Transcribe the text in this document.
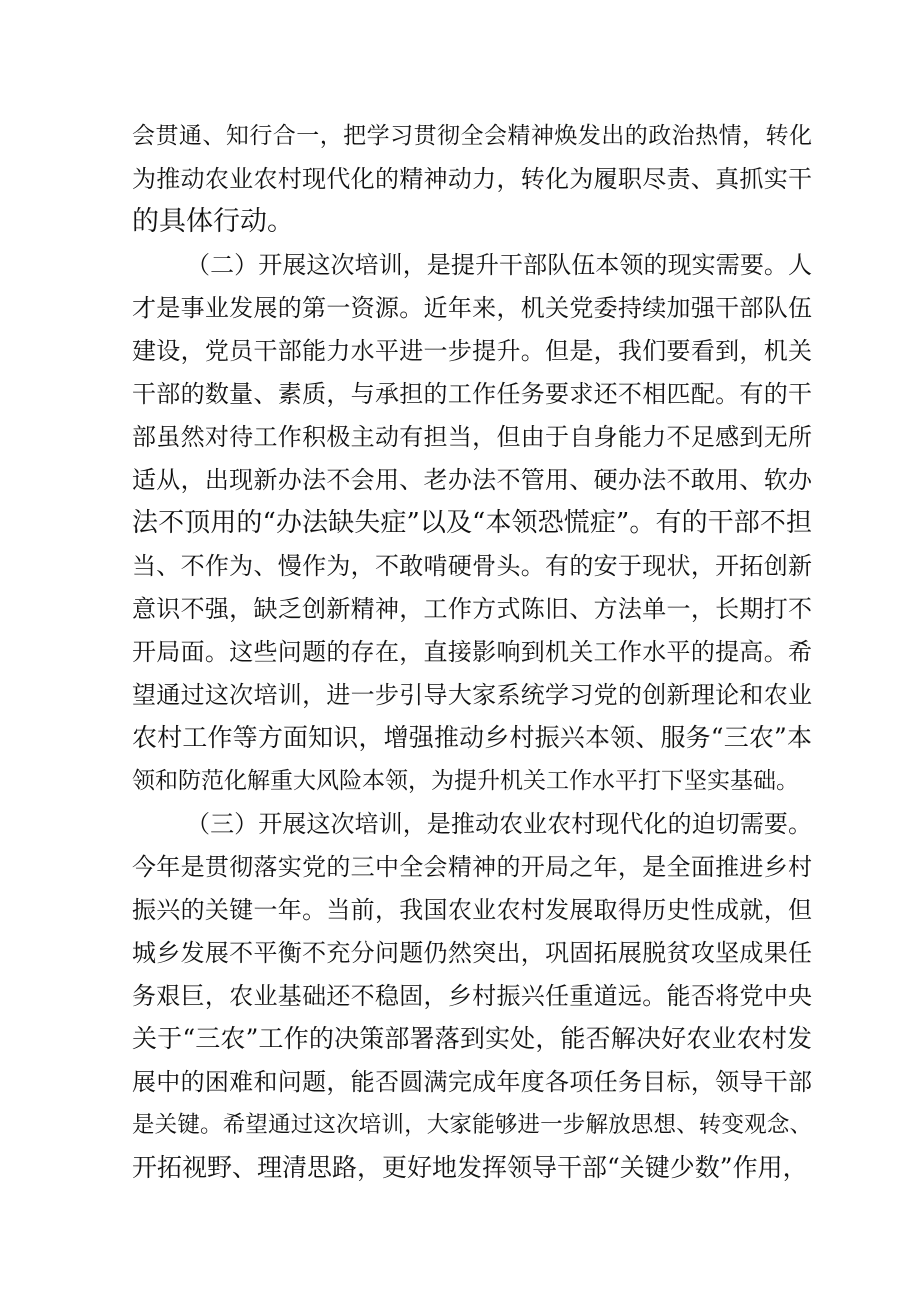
会贯通、知行合一，把学习贯彻全会精神焕发出的政治热情，转化
为推动农业农村现代化的精神动力，转化为履职尽责、真抓实干
的具体行动。
（二）开展这次培训，是提升干部队伍本领的现实需要。人
才是事业发展的第一资源。近年来，机关党委持续加强干部队伍
建设，党员干部能力水平进一步提升。但是，我们要看到，机关
干部的数量、素质，与承担的工作任务要求还不相匹配。有的干
部虽然对待工作积极主动有担当，但由于自身能力不足感到无所
适从，出现新办法不会用、老办法不管用、硬办法不敢用、软办
法不顶用的“办法缺失症”以及“本领恐慌症”。有的干部不担
当、不作为、慢作为，不敢啃硬骨头。有的安于现状，开拓创新
意识不强，缺乏创新精神，工作方式陈旧、方法单一，长期打不
开局面。这些问题的存在，直接影响到机关工作水平的提高。希
望通过这次培训，进一步引导大家系统学习党的创新理论和农业
农村工作等方面知识，增强推动乡村振兴本领、服务“三农”本
领和防范化解重大风险本领，为提升机关工作水平打下坚实基础。
（三）开展这次培训，是推动农业农村现代化的迫切需要。
今年是贯彻落实党的三中全会精神的开局之年，是全面推进乡村
振兴的关键一年。当前，我国农业农村发展取得历史性成就，但
城乡发展不平衡不充分问题仍然突出，巩固拓展脱贫攻坚成果任
务艰巨，农业基础还不稳固，乡村振兴任重道远。能否将党中央
关于“三农”工作的决策部署落到实处，能否解决好农业农村发
展中的困难和问题，能否圆满完成年度各项任务目标，领导干部
是关键。希望通过这次培训，大家能够进一步解放思想、转变观念、
开拓视野、理清思路，更好地发挥领导干部“关键少数”作用，
